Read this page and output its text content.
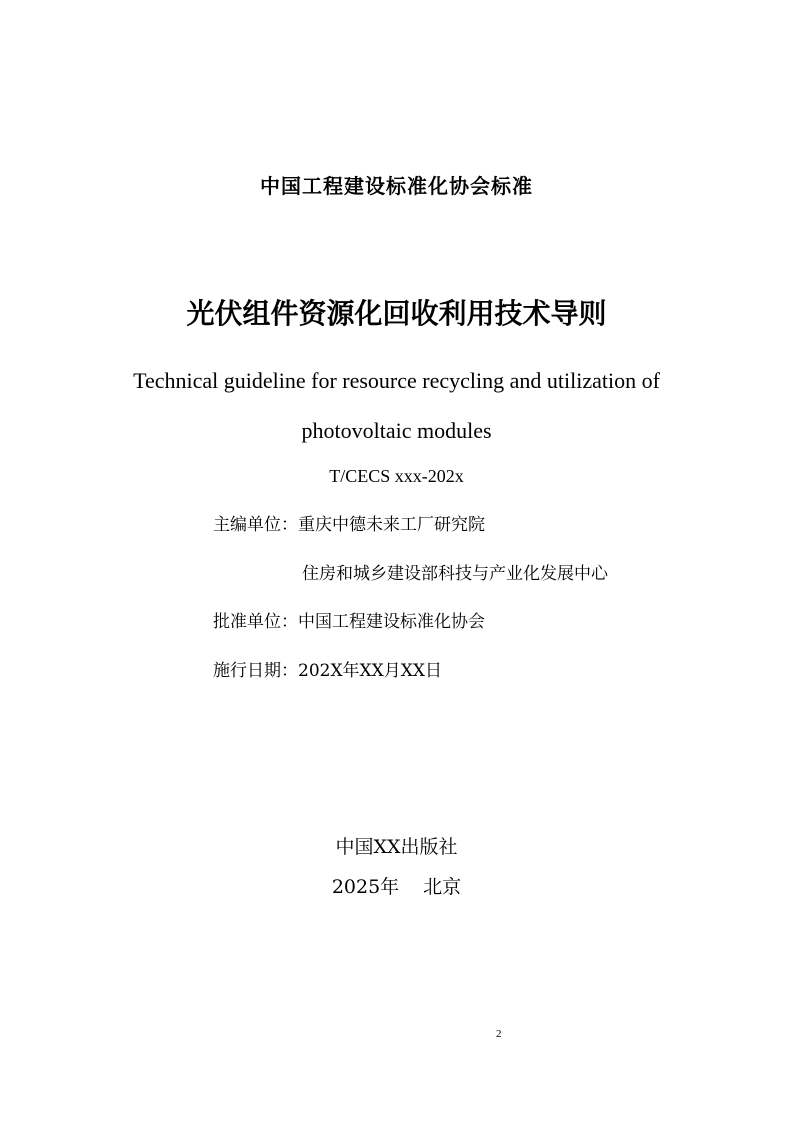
中国工程建设标准化协会标准
光伏组件资源化回收利用技术导则
Technical guideline for resource recycling and utilization of
photovoltaic modules
T/CECS xxx-202x
主编单位：重庆中德未来工厂研究院
住房和城乡建设部科技与产业化发展中心
批准单位：中国工程建设标准化协会
施行日期：202X年XX月XX日
中国XX出版社
2025年 北京
2
